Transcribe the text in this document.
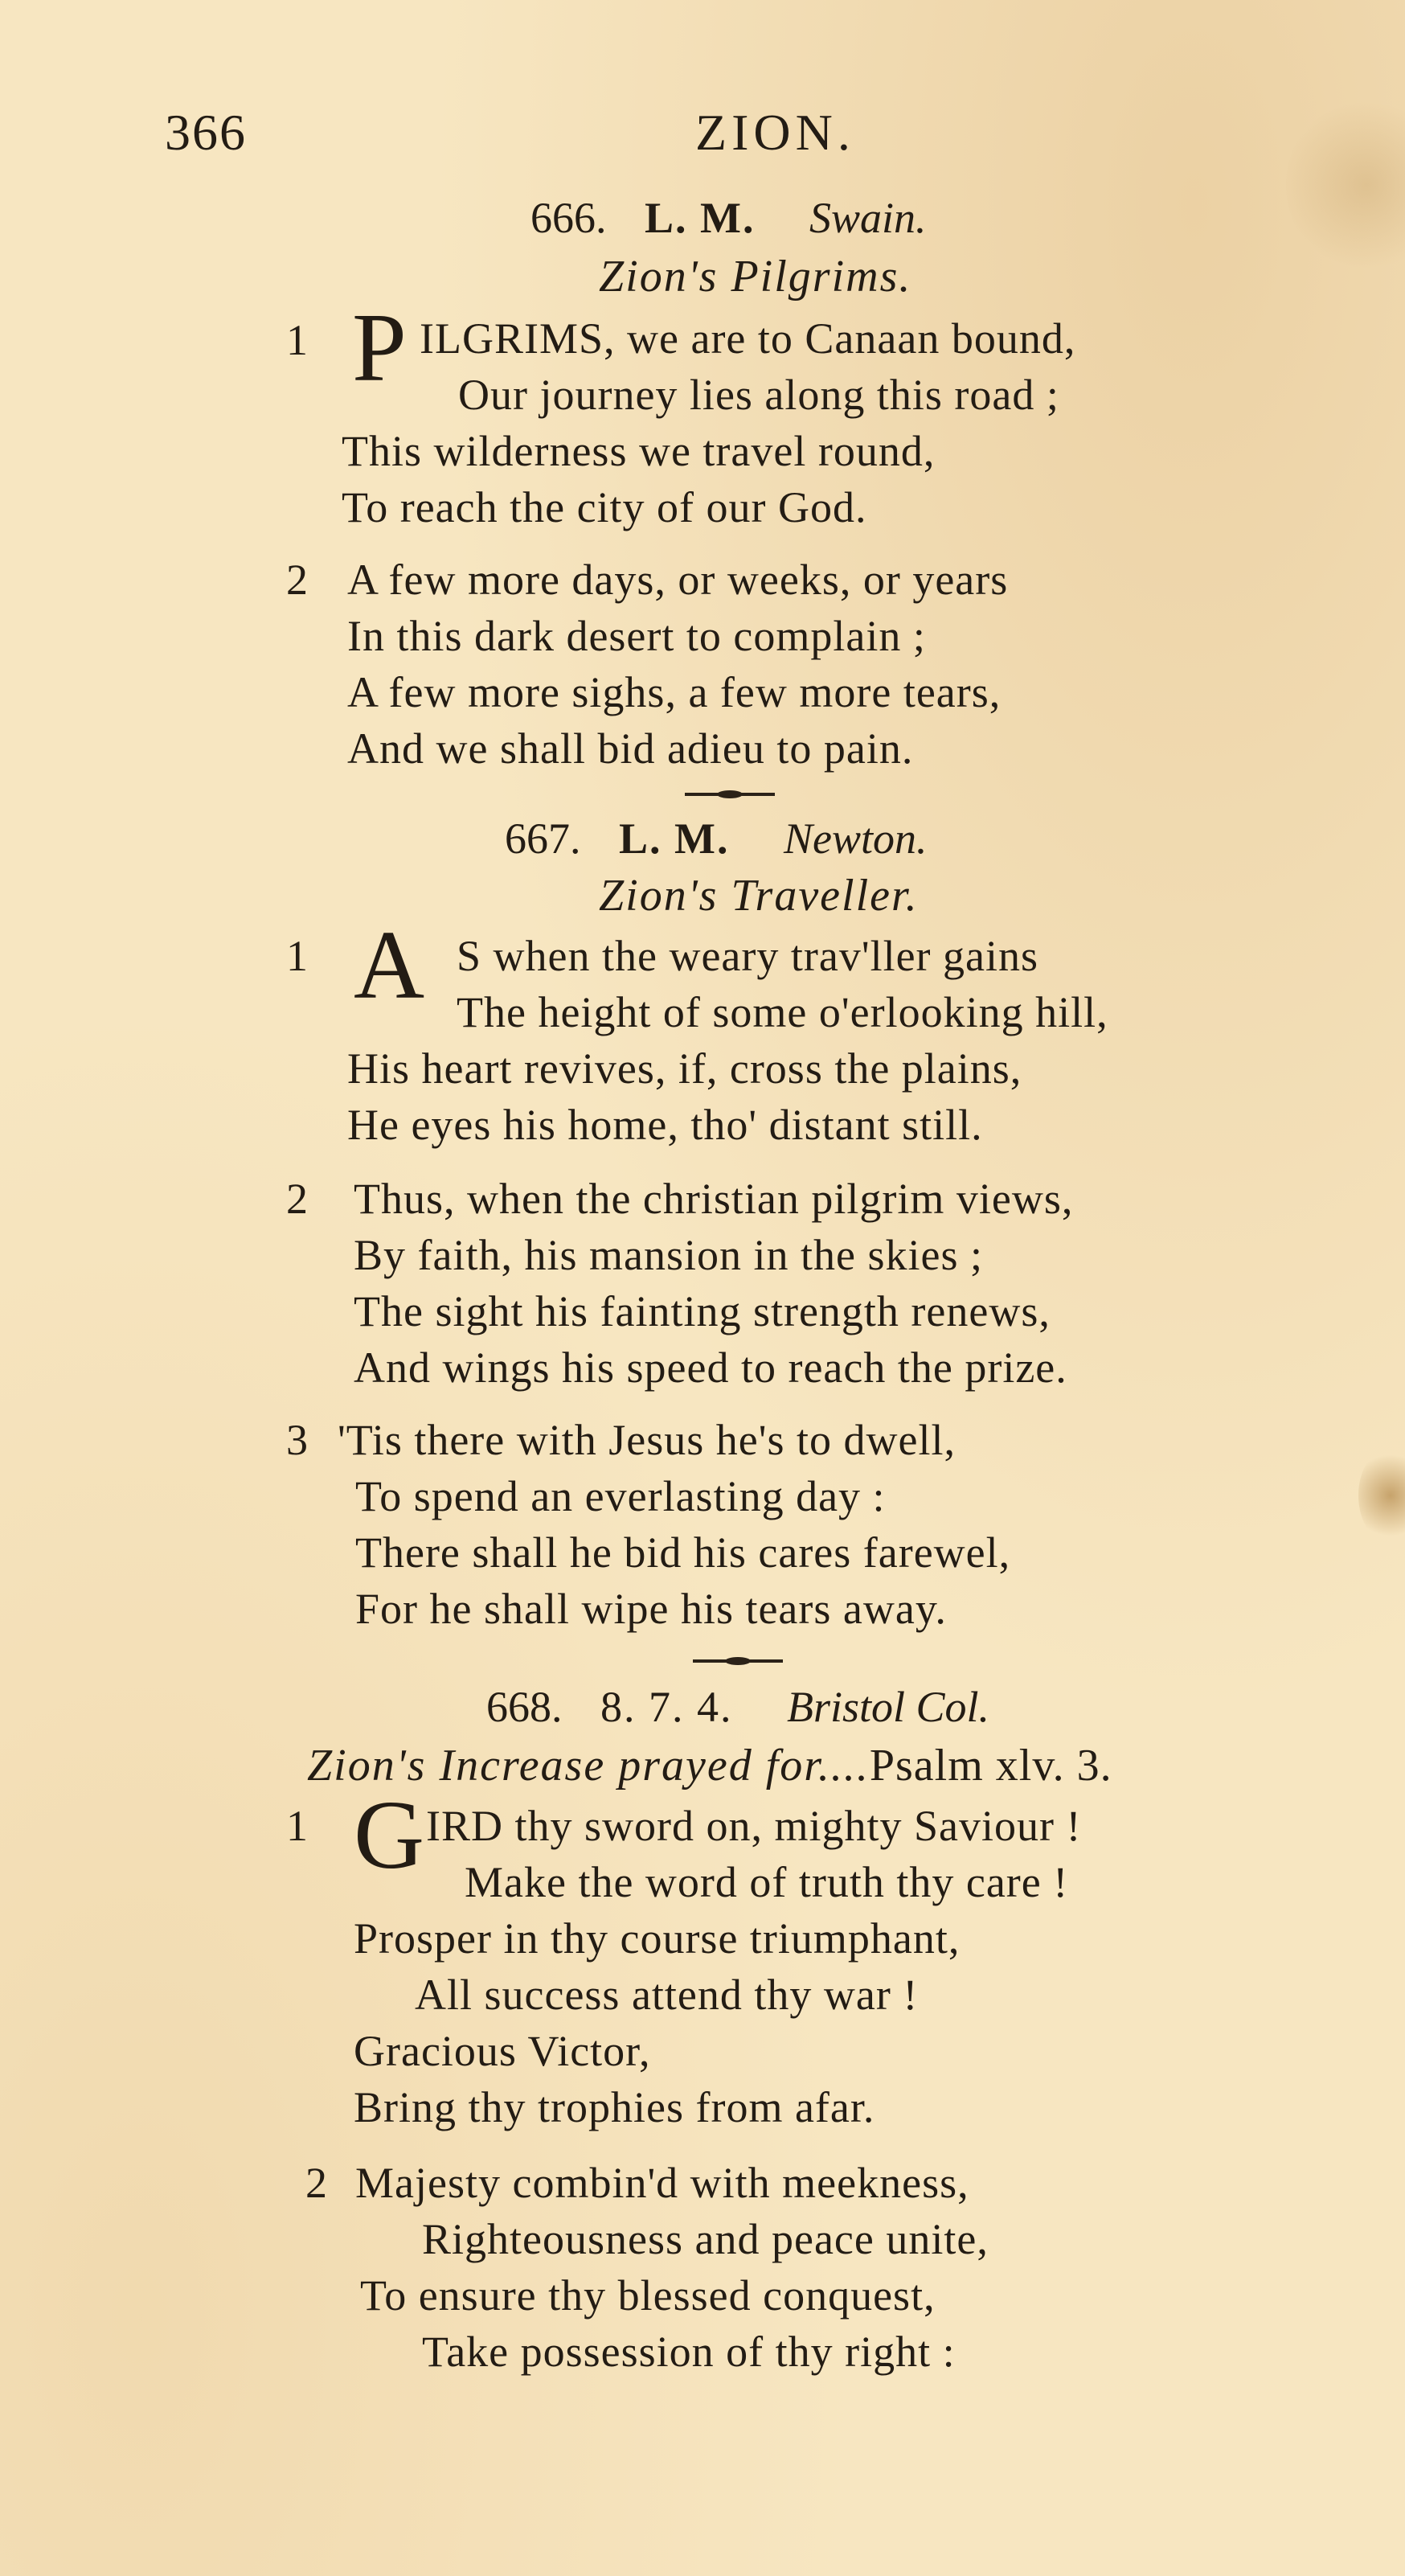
366	ZION.
666. L. M. Swain.
Zion's Pilgrims.
1 P ILGRIMS, we are to Canaan bound,
Our journey lies along this road ;
This wilderness we travel round,
To reach the city of our God.
2 A few more days, or weeks, or years
In this dark desert to complain ;
A few more sighs, a few more tears,
And we shall bid adieu to pain.
667. L. M. Newton.
Zion's Traveller.
1 A S when the weary trav'ller gains
The height of some o'erlooking hill,
His heart revives, if, cross the plains,
He eyes his home, tho' distant still.
2 Thus, when the christian pilgrim views,
By faith, his mansion in the skies ;
The sight his fainting strength renews,
And wings his speed to reach the prize.
3 'Tis there with Jesus he's to dwell,
To spend an everlasting day :
There shall he bid his cares farewel,
For he shall wipe his tears away.
668. 8. 7. 4. Bristol Col.
Zion's Increase prayed for....Psalm xlv. 3.
1 G IRD thy sword on, mighty Saviour !
Make the word of truth thy care !
Prosper in thy course triumphant,
All success attend thy war !
Gracious Victor,
Bring thy trophies from afar.
2 Majesty combin'd with meekness,
Righteousness and peace unite,
To ensure thy blessed conquest,
Take possession of thy right :
